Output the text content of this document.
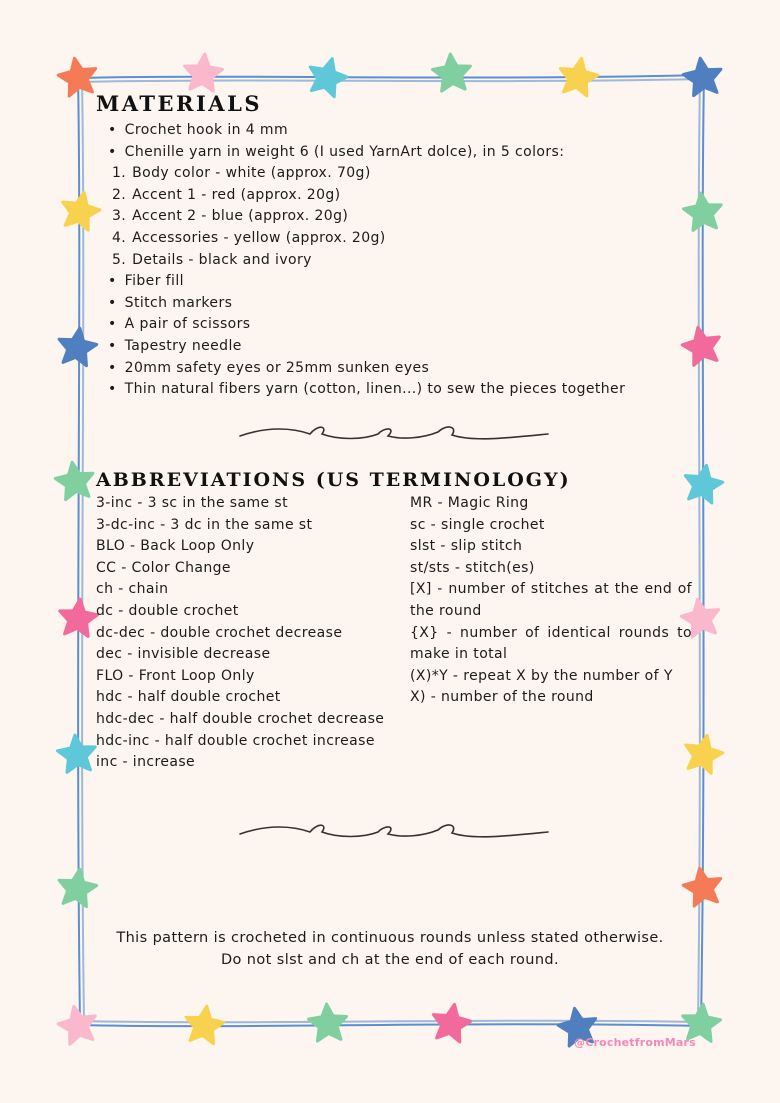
MATERIALS
• Crochet hook in 4 mm
• Chenille yarn in weight 6 (I used YarnArt dolce), in 5 colors:
1. Body color - white (approx. 70g)
2. Accent 1 - red (approx. 20g)
3. Accent 2 - blue (approx. 20g)
4. Accessories - yellow (approx. 20g)
5. Details - black and ivory
• Fiber fill
• Stitch markers
• A pair of scissors
• Tapestry needle
• 20mm safety eyes or 25mm sunken eyes
• Thin natural fibers yarn (cotton, linen...) to sew the pieces together
ABBREVIATIONS (US TERMINOLOGY)
3-inc - 3 sc in the same st
3-dc-inc - 3 dc in the same st
BLO - Back Loop Only
CC - Color Change
ch - chain
dc - double crochet
dc-dec - double crochet decrease
dec - invisible decrease
FLO - Front Loop Only
hdc - half double crochet
hdc-dec - half double crochet decrease
hdc-inc - half double crochet increase
inc - increase
MR - Magic Ring
sc - single crochet
slst - slip stitch
st/sts - stitch(es)
[X] - number of stitches at the end of the round
{X} - number of identical rounds to make in total
(X)*Y - repeat X by the number of Y
X) - number of the round

This pattern is crocheted in continuous rounds unless stated otherwise.

Do not slst and ch at the end of each round.

@CrochetfromMars
